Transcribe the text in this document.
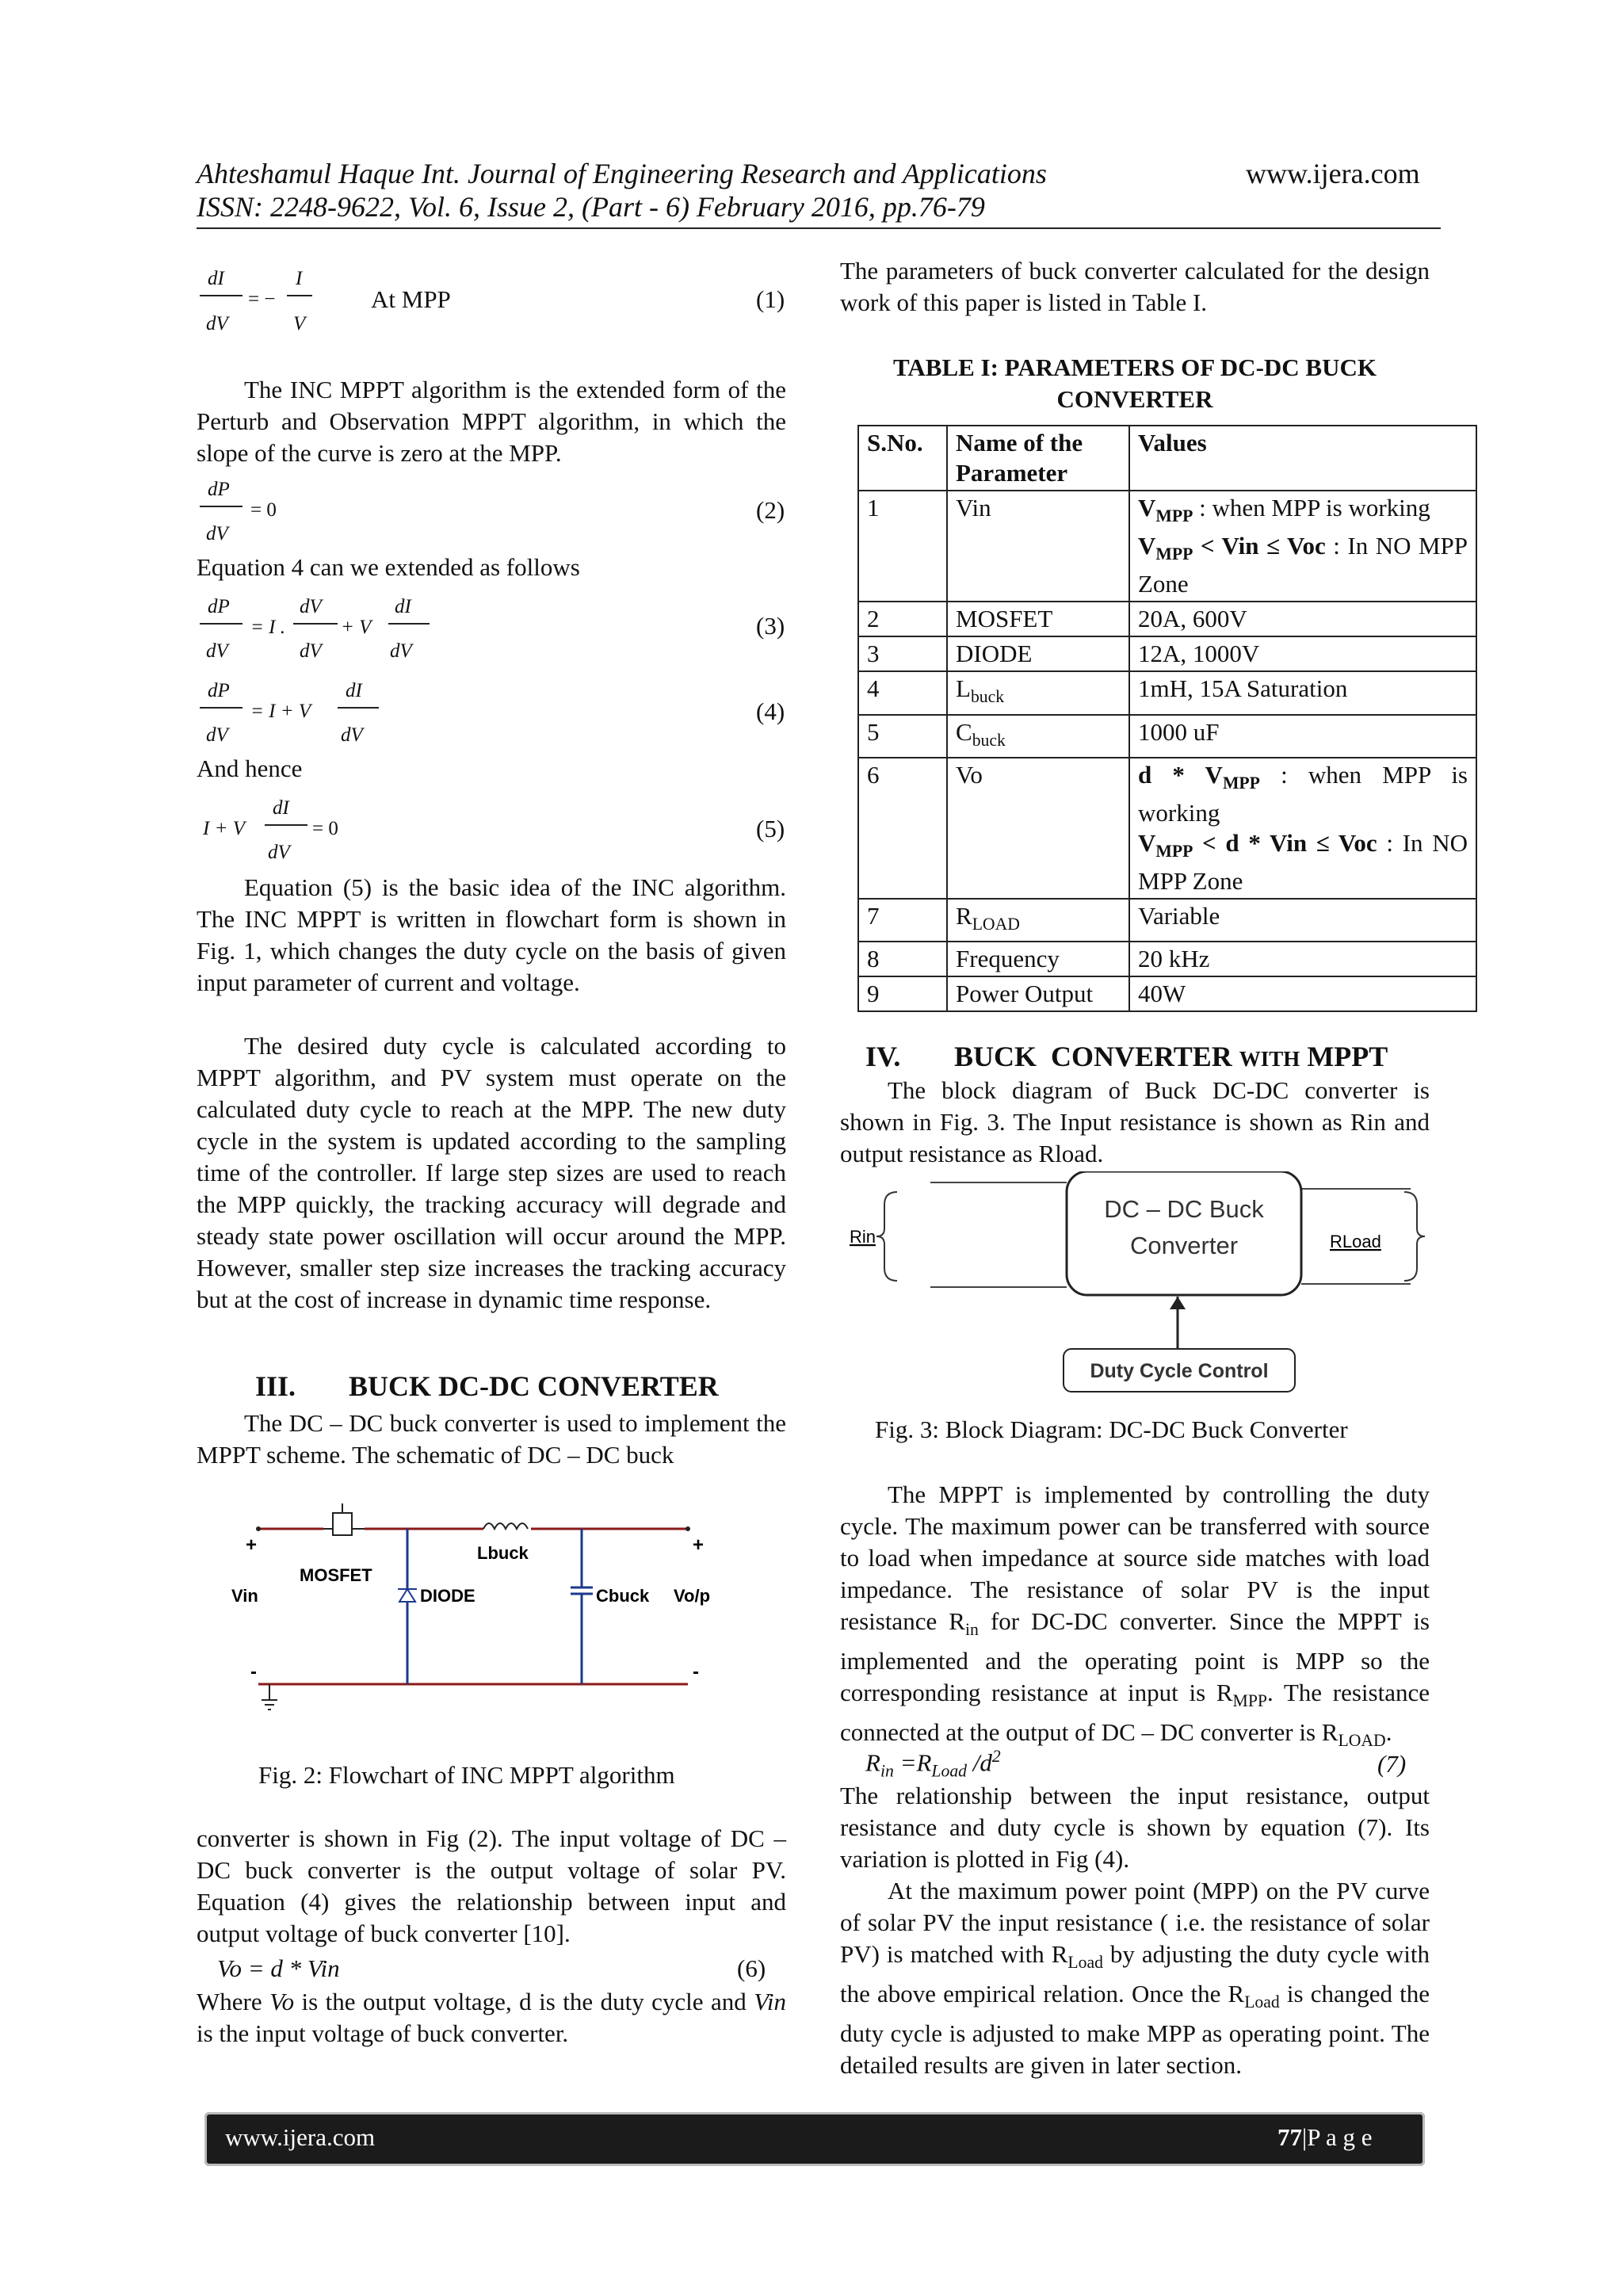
Ahteshamul Haque Int. Journal of Engineering Research and Applications	www.ijera.com
ISSN: 2248-9622, Vol. 6, Issue 2, (Part - 6) February 2016, pp.76-79
dI
dV
= −
I
V
At MPP	(1)
The INC MPPT algorithm is the extended form of the Perturb and Observation MPPT algorithm, in which the slope of the curve is zero at the MPP.
dP
dV
= 0	(2)
Equation 4 can we extended as follows
dP
dV
= I .
dV
dV
+ V
dI
dV
(3)
dP
dV
= I + V
dI
dV
(4)
And hence
I + V
dI
dV
= 0	(5)
Equation (5) is the basic idea of the INC algorithm. The INC MPPT is written in flowchart form is shown in Fig. 1, which changes the duty cycle on the basis of given input parameter of current and voltage.
The desired duty cycle is calculated according to MPPT algorithm, and PV system must operate on the calculated duty cycle to reach at the MPP. The new duty cycle in the system is updated according to the sampling time of the controller. If large step sizes are used to reach the MPP quickly, the tracking accuracy will degrade and steady state power oscillation will occur around the MPP. However, smaller step size increases the tracking accuracy but at the cost of increase in dynamic time response.
III. BUCK DC-DC CONVERTER
The DC – DC buck converter is used to implement the MPPT scheme. The schematic of DC – DC buck
+
-
Vin
MOSFET
DIODE
Lbuck
Cbuck Vo/p
+
-
Fig. 2: Flowchart of INC MPPT algorithm
converter is shown in Fig (2). The input voltage of DC – DC buck converter is the output voltage of solar PV. Equation (4) gives the relationship between input and output voltage of buck converter [10].
Vo = d * Vin	(6)
Where Vo is the output voltage, d is the duty cycle and Vin is the input voltage of buck converter.
The parameters of buck converter calculated for the design work of this paper is listed in Table I.
TABLE I: PARAMETERS OF DC-DC BUCK
CONVERTER
S.No.	Name of the Parameter	Values
1	Vin	$V_{MPP}$ : when MPP is working
$V_{MPP}$ < Vin ≤ Voc : In NO MPP Zone
2	MOSFET	20A, 600V
3	DIODE	12A, 1000V
4	$L_{buck}$	1mH, 15A Saturation
5	$C_{buck}$	1000 uF
6	Vo	d * $V_{MPP}$ : when MPP is working
$V_{MPP} < d$ * Vin ≤ Voc : In NO MPP Zone
7	$R_{LOAD}$	Variable
8	Frequency	20 kHz
9	Power Output	40W
IV. BUCK  CONVERTER WITH MPPT
The block diagram of Buck DC-DC converter is shown in Fig. 3. The Input resistance is shown as Rin and output resistance as Rload.
DC – DC Buck
Converter
Rin	RLoad
Duty Cycle Control
Fig. 3: Block Diagram: DC-DC Buck Converter
The MPPT is implemented by controlling the duty cycle. The maximum power can be transferred with source to load when impedance at source side matches with load impedance. The resistance of solar PV is the input resistance $R_{in}$ for DC-DC converter. Since the MPPT is implemented and the operating point is MPP so the corresponding resistance at input is $R_{MPP}$. The resistance connected at the output of DC – DC converter is $R_{LOAD}$.
$R_{in} =R_{Load}$ $/d^2$	(7)
The relationship between the input resistance, output resistance and duty cycle is shown by equation (7). Its variation is plotted in Fig (4).
At the maximum power point (MPP) on the PV curve of solar PV the input resistance ( i.e. the resistance of solar PV) is matched with $R_{Load}$ by adjusting the duty cycle with the above empirical relation. Once the $R_{Load}$ is changed the duty cycle is adjusted to make MPP as operating point. The detailed results are given in later section.
www.ijera.com	77|P a g e
